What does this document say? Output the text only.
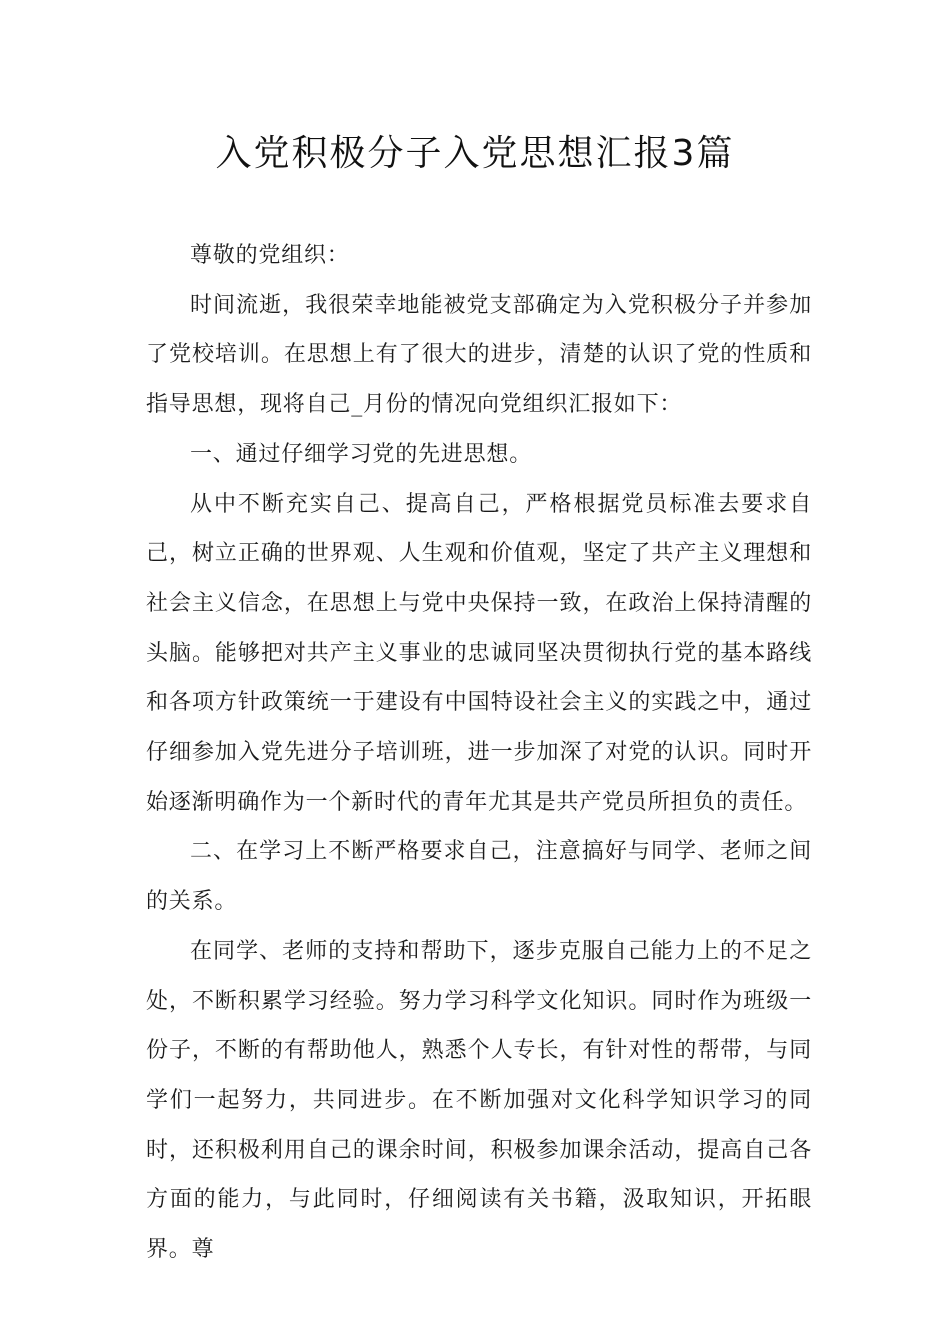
入党积极分子入党思想汇报3篇

尊敬的党组织：

时间流逝，我很荣幸地能被党支部确定为入党积极分子并参加了党校培训。在思想上有了很大的进步，清楚的认识了党的性质和指导思想，现将自己_月份的情况向党组织汇报如下：

一、通过仔细学习党的先进思想。

从中不断充实自己、提高自己，严格根据党员标准去要求自己，树立正确的世界观、人生观和价值观，坚定了共产主义理想和社会主义信念，在思想上与党中央保持一致，在政治上保持清醒的头脑。能够把对共产主义事业的忠诚同坚决贯彻执行党的基本路线和各项方针政策统一于建设有中国特设社会主义的实践之中，通过仔细参加入党先进分子培训班，进一步加深了对党的认识。同时开始逐渐明确作为一个新时代的青年尤其是共产党员所担负的责任。

二、在学习上不断严格要求自己，注意搞好与同学、老师之间的关系。

在同学、老师的支持和帮助下，逐步克服自己能力上的不足之处，不断积累学习经验。努力学习科学文化知识。同时作为班级一份子，不断的有帮助他人，熟悉个人专长，有针对性的帮带，与同学们一起努力，共同进步。在不断加强对文化科学知识学习的同时，还积极利用自己的课余时间，积极参加课余活动，提高自己各方面的能力，与此同时，仔细阅读有关书籍，汲取知识，开拓眼界。尊
